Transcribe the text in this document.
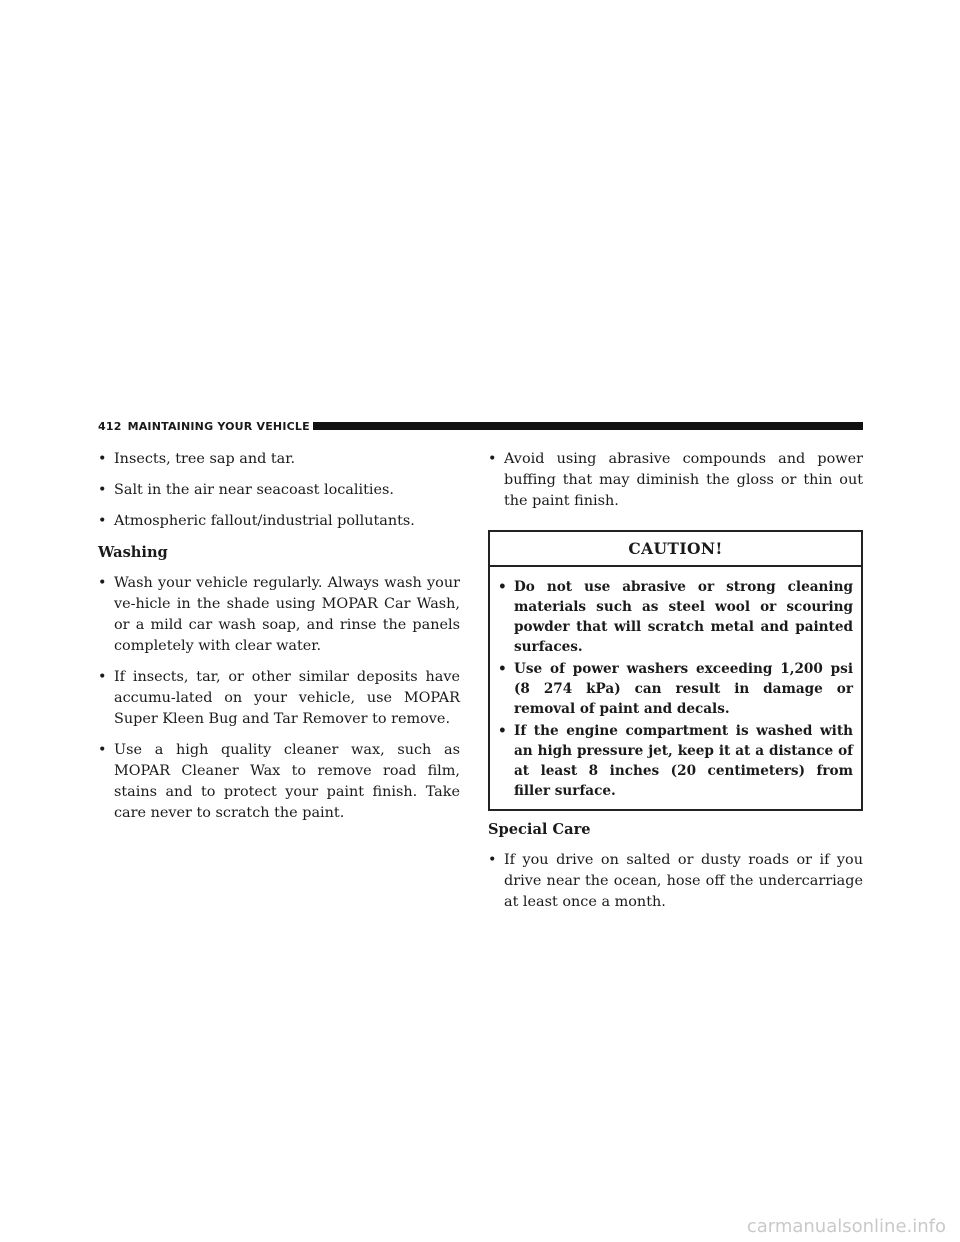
412 MAINTAINING YOUR VEHICLE
• Insects, tree sap and tar.
• Salt in the air near seacoast localities.
• Atmospheric fallout/industrial pollutants.
Washing
• Wash your vehicle regularly. Always wash your ve-hicle in the shade using MOPAR Car Wash, or a mild car wash soap, and rinse the panels completely with clear water.
• If insects, tar, or other similar deposits have accumu-lated on your vehicle, use MOPAR Super Kleen Bug and Tar Remover to remove.
• Use a high quality cleaner wax, such as MOPAR Cleaner Wax to remove road film, stains and to protect your paint finish. Take care never to scratch the paint.
• Avoid using abrasive compounds and power buffing that may diminish the gloss or thin out the paint finish.
CAUTION!
• Do not use abrasive or strong cleaning materials such as steel wool or scouring powder that will scratch metal and painted surfaces.
• Use of power washers exceeding 1,200 psi (8 274 kPa) can result in damage or removal of paint and decals.
• If the engine compartment is washed with an high pressure jet, keep it at a distance of at least 8 inches (20 centimeters) from filler surface.
Special Care
• If you drive on salted or dusty roads or if you drive near the ocean, hose off the undercarriage at least once a month.
carmanualsonline.info
